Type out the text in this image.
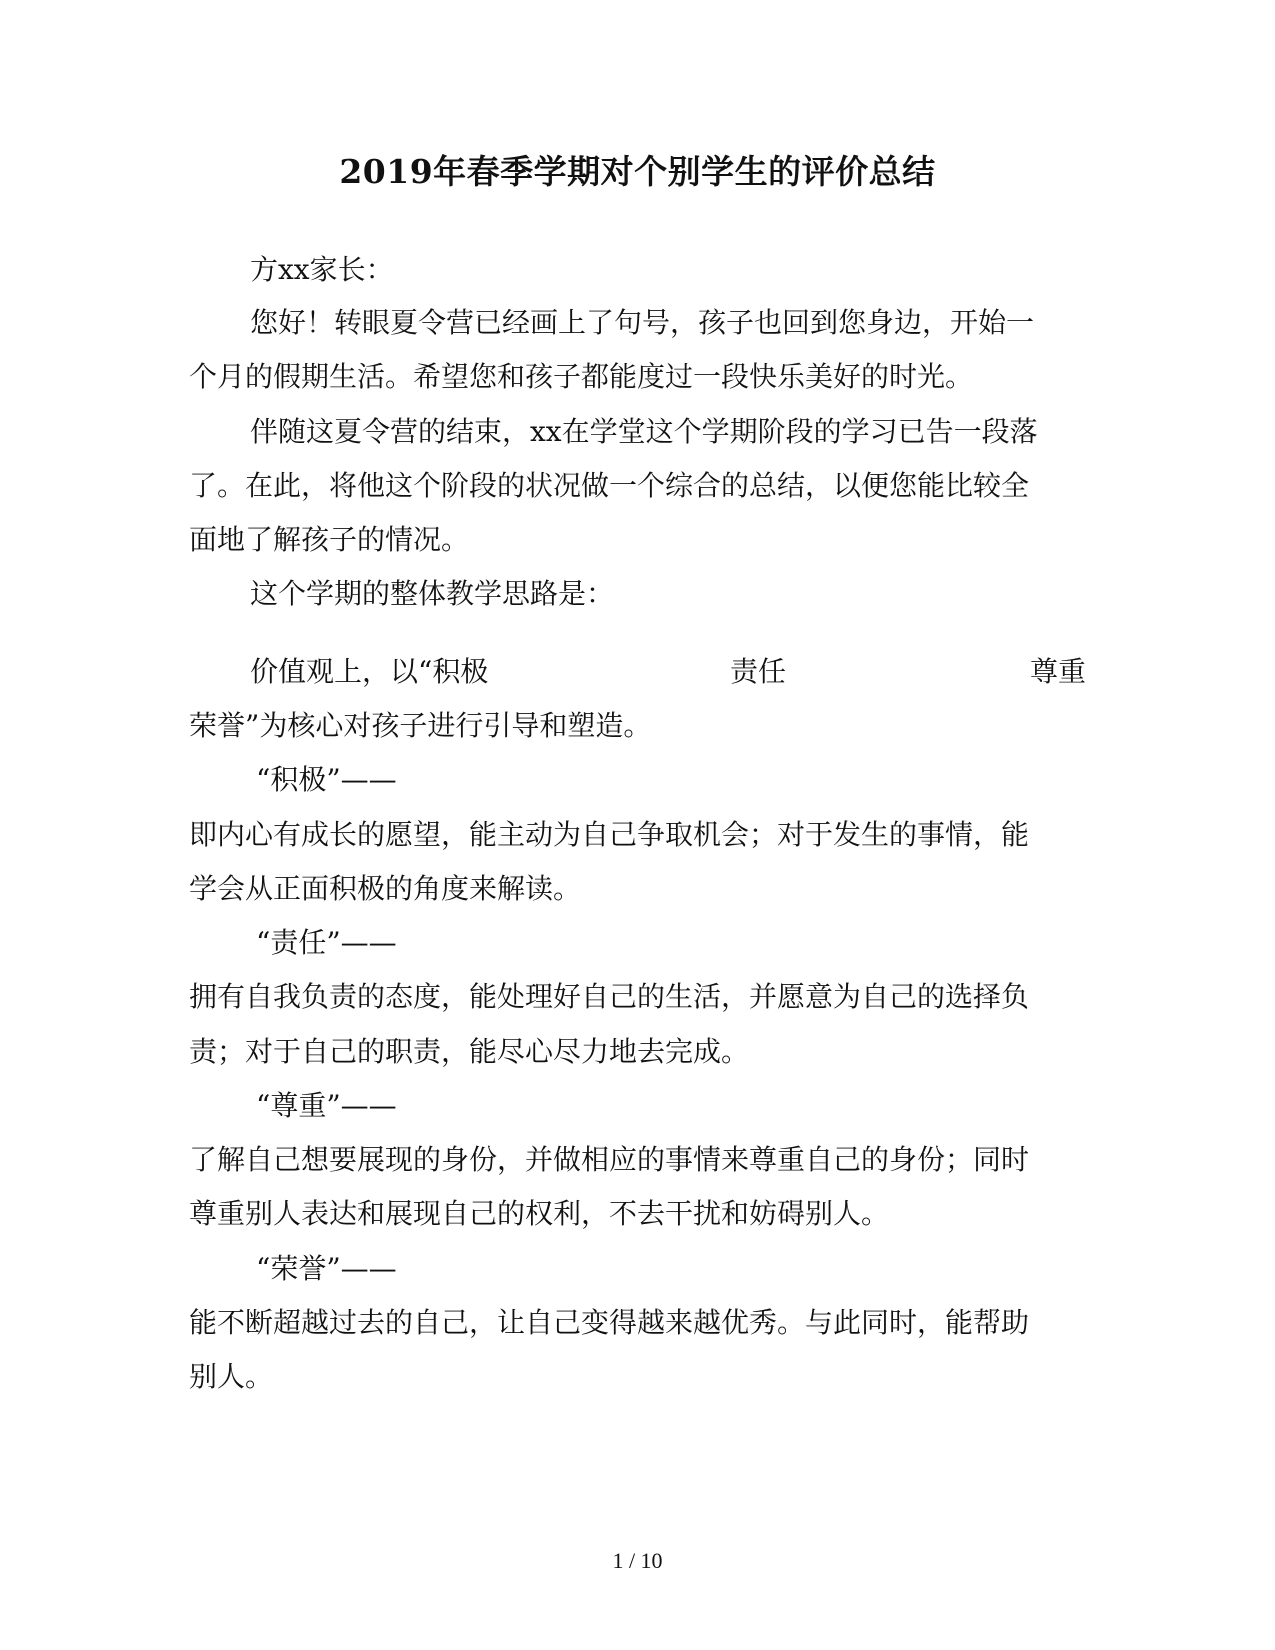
2019年春季学期对个别学生的评价总结
方xx家长：
您好！转眼夏令营已经画上了句号，孩子也回到您身边，开始一
个月的假期生活。希望您和孩子都能度过一段快乐美好的时光。
伴随这夏令营的结束，xx在学堂这个学期阶段的学习已告一段落
了。在此，将他这个阶段的状况做一个综合的总结，以便您能比较全
面地了解孩子的情况。
这个学期的整体教学思路是：
价值观上，以“积极	责任	尊重
荣誉”为核心对孩子进行引导和塑造。
“积极”——
即内心有成长的愿望，能主动为自己争取机会；对于发生的事情，能
学会从正面积极的角度来解读。
“责任”——
拥有自我负责的态度，能处理好自己的生活，并愿意为自己的选择负
责；对于自己的职责，能尽心尽力地去完成。
“尊重”——
了解自己想要展现的身份，并做相应的事情来尊重自己的身份；同时
尊重别人表达和展现自己的权利，不去干扰和妨碍别人。
“荣誉”——
能不断超越过去的自己，让自己变得越来越优秀。与此同时，能帮助
别人。
1 / 10
